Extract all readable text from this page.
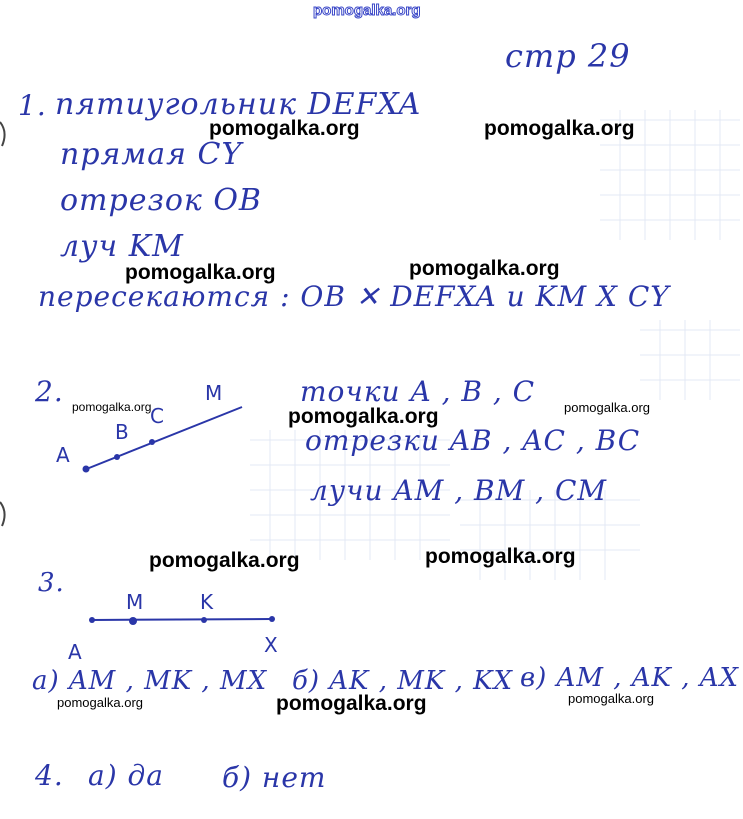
pomogalka.org
стр 29
1. пятиугольник DEFXA
прямая CY
отрезок OB
луч KM
пересекаются : OB ✕ DEFXA и KM X CY
2.
A
B
C
M	точки A , B , C
отрезки AB , AC , BC
лучи AM , BM , CM
3.
A
M	K
X
а) AM , MK , MX б) AK , MK , KX в) AM , AK , AX
4. а) да б) нет
pomogalka.org	pomogalka.org
pomogalka.org	pomogalka.org
pomogalka.org
pomogalka.org	pomogalka.org
pomogalka.org
pomogalka.org	pomogalka.org
pomogalka.org	pomogalka.org
